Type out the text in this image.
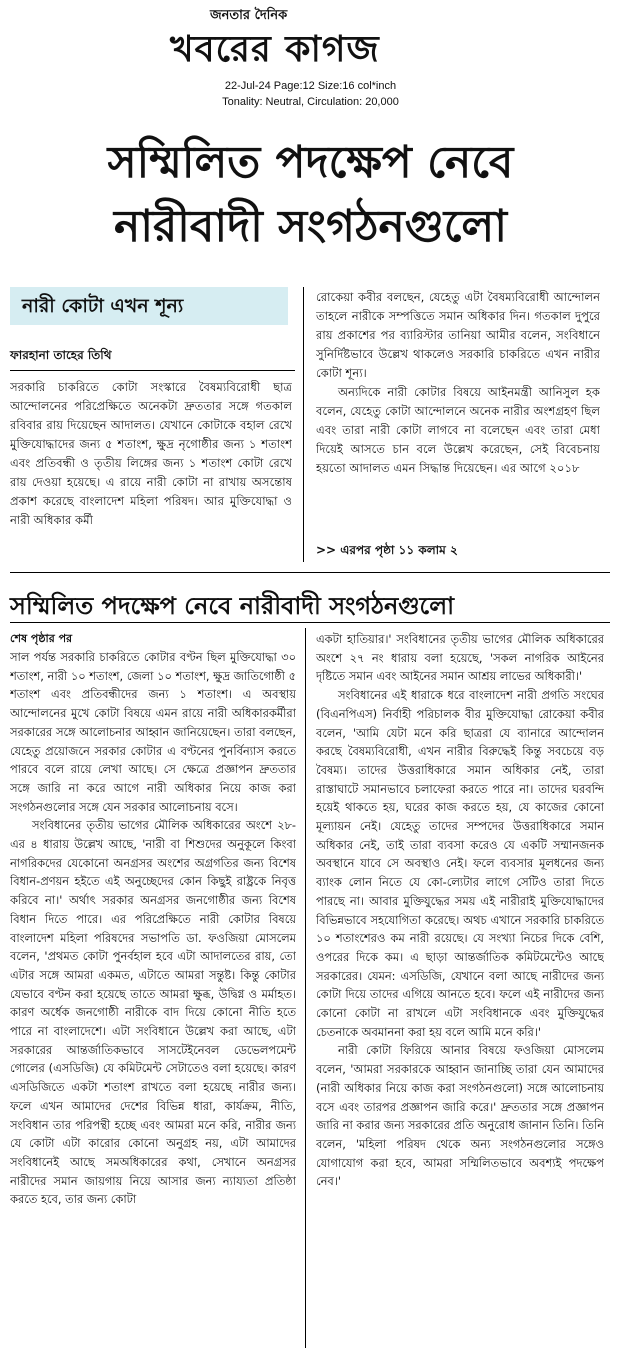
জনতার দৈনিক
খবরের কাগজ
22-Jul-24 Page:12 Size:16 col*inch
Tonality: Neutral, Circulation: 20,000
সম্মিলিত পদক্ষেপ নেবে
নারীবাদী সংগঠনগুলো
নারী কোটা এখন শূন্য
ফারহানা তাহের তিথি

সরকারি চাকরিতে কোটা সংস্কারে বৈষম্যবিরোধী ছাত্র আন্দোলনের পরিপ্রেক্ষিতে অনেকটা দ্রুততার সঙ্গে গতকাল রবিবার রায় দিয়েছেন আদালত। যেখানে কোটাকে বহাল রেখে মুক্তিযোদ্ধাদের জন্য ৫ শতাংশ, ক্ষুদ্র নৃগোষ্ঠীর জন্য ১ শতাংশ এবং প্রতিবন্ধী ও তৃতীয় লিঙ্গের জন্য ১ শতাংশ কোটা রেখে রায় দেওয়া হয়েছে। এ রায়ে নারী কোটা না রাখায় অসন্তোষ প্রকাশ করেছে বাংলাদেশ মহিলা পরিষদ। আর মুক্তিযোদ্ধা ও নারী অধিকার কর্মী

রোকেয়া কবীর বলছেন, যেহেতু এটা বৈষম্যবিরোধী আন্দোলন তাহলে নারীকে সম্পত্তিতে সমান অধিকার দিন। গতকাল দুপুরে রায় প্রকাশের পর ব্যারিস্টার তানিয়া আমীর বলেন, সংবিধানে সুনির্দিষ্টভাবে উল্লেখ থাকলেও সরকারি চাকরিতে এখন নারীর কোটা শূন্য।

অন্যদিকে নারী কোটার বিষয়ে আইনমন্ত্রী আনিসুল হক বলেন, যেহেতু কোটা আন্দোলনে অনেক নারীর অংশগ্রহণ ছিল এবং তারা নারী কোটা লাগবে না বলেছেন এবং তারা মেধা দিয়েই আসতে চান বলে উল্লেখ করেছেন, সেই বিবেচনায় হয়তো আদালত এমন সিদ্ধান্ত দিয়েছেন। এর আগে ২০১৮

>> এরপর পৃষ্ঠা ১১ কলাম ২
সম্মিলিত পদক্ষেপ নেবে নারীবাদী সংগঠনগুলো
শেষ পৃষ্ঠার পর

সাল পর্যন্ত সরকারি চাকরিতে কোটার বণ্টন ছিল মুক্তিযোদ্ধা ৩০ শতাংশ, নারী ১০ শতাংশ, জেলা ১০ শতাংশ, ক্ষুদ্র জাতিগোষ্ঠী ৫ শতাংশ এবং প্রতিবন্ধীদের জন্য ১ শতাংশ। এ অবস্থায় আন্দোলনের মুখে কোটা বিষয়ে এমন রায়ে নারী অধিকারকর্মীরা সরকারের সঙ্গে আলোচনার আহ্বান জানিয়েছেন। তারা বলছেন, যেহেতু প্রয়োজনে সরকার কোটার এ বণ্টনের পুনর্বিন্যাস করতে পারবে বলে রায়ে লেখা আছে। সে ক্ষেত্রে প্রজ্ঞাপন দ্রুততার সঙ্গে জারি না করে আগে নারী অধিকার নিয়ে কাজ করা সংগঠনগুলোর সঙ্গে যেন সরকার আলোচনায় বসে।

সংবিধানের তৃতীয় ভাগের মৌলিক অধিকারের অংশে ২৮-এর ৪ ধারায় উল্লেখ আছে, 'নারী বা শিশুদের অনুকূলে কিংবা নাগরিকদের যেকোনো অনগ্রসর অংশের অগ্রগতির জন্য বিশেষ বিধান-প্রণয়ন হইতে এই অনুচ্ছেদের কোন কিছুই রাষ্ট্রকে নিবৃত্ত করিবে না।' অর্থাৎ সরকার অনগ্রসর জনগোষ্ঠীর জন্য বিশেষ বিধান দিতে পারে। এর পরিপ্রেক্ষিতে নারী কোটার বিষয়ে বাংলাদেশ মহিলা পরিষদের সভাপতি ডা. ফওজিয়া মোসলেম বলেন, 'প্রথমত কোটা পুনর্বহাল হবে এটা আদালতের রায়, তো এটার সঙ্গে আমরা একমত, এটাতে আমরা সন্তুষ্ট। কিন্তু কোটার যেভাবে বণ্টন করা হয়েছে তাতে আমরা ক্ষুব্ধ, উদ্বিগ্ন ও মর্মাহত। কারণ অর্ধেক জনগোষ্ঠী নারীকে বাদ দিয়ে কোনো নীতি হতে পারে না বাংলাদেশে। এটা সংবিধানে উল্লেখ করা আছে, এটা সরকারের আন্তর্জাতিকভাবে সাসটেইনেবল ডেভেলপমেন্ট গোলের (এসডিজি) যে কমিটমেন্ট সেটাতেও বলা হয়েছে। কারণ এসডিজিতে একটা শতাংশ রাখতে বলা হয়েছে নারীর জন্য। ফলে এখন আমাদের দেশের বিভিন্ন ধারা, কার্যক্রম, নীতি, সংবিধান তার পরিপন্থী হচ্ছে এবং আমরা মনে করি, নারীর জন্য যে কোটা এটা কারোর কোনো অনুগ্রহ নয়, এটা আমাদের সংবিধানেই আছে সমঅধিকারের কথা, সেখানে অনগ্রসর নারীদের সমান জায়গায় নিয়ে আসার জন্য ন্যায্যতা প্রতিষ্ঠা করতে হবে, তার জন্য কোটা

একটা হাতিয়ার।' সংবিধানের তৃতীয় ভাগের মৌলিক অধিকারের অংশে ২৭ নং ধারায় বলা হয়েছে, 'সকল নাগরিক আইনের দৃষ্টিতে সমান এবং আইনের সমান আশ্রয় লাভের অধিকারী।'

সংবিধানের এই ধারাকে ধরে বাংলাদেশ নারী প্রগতি সংঘের (বিএনপিএস) নির্বাহী পরিচালক বীর মুক্তিযোদ্ধা রোকেয়া কবীর বলেন, 'আমি যেটা মনে করি ছাত্ররা যে ব্যানারে আন্দোলন করছে বৈষম্যবিরোধী, এখন নারীর বিরুদ্ধেই কিন্তু সবচেয়ে বড় বৈষম্য। তাদের উত্তরাধিকারে সমান অধিকার নেই, তারা রাস্তাঘাটে সমানভাবে চলাফেরা করতে পারে না। তাদের ঘরবন্দি হয়েই থাকতে হয়, ঘরের কাজ করতে হয়, যে কাজের কোনো মূল্যায়ন নেই। যেহেতু তাদের সম্পদের উত্তরাধিকারে সমান অধিকার নেই, তাই তারা ব্যবসা করেও যে একটি সম্মানজনক অবস্থানে যাবে সে অবস্থাও নেই। ফলে ব্যবসার মূলধনের জন্য ব্যাংক লোন নিতে যে কো-ল্যেটার লাগে সেটিও তারা দিতে পারছে না। আবার মুক্তিযুদ্ধের সময় এই নারীরাই মুক্তিযোদ্ধাদের বিভিন্নভাবে সহযোগিতা করেছে। অথচ এখানে সরকারি চাকরিতে ১০ শতাংশেরও কম নারী রয়েছে। যে সংখ্যা নিচের দিকে বেশি, ওপরের দিকে কম। এ ছাড়া আন্তর্জাতিক কমিটমেন্টেও আছে সরকারের। যেমন: এসডিজি, যেখানে বলা আছে নারীদের জন্য কোটা দিয়ে তাদের এগিয়ে আনতে হবে। ফলে এই নারীদের জন্য কোনো কোটা না রাখলে এটা সংবিধানকে এবং মুক্তিযুদ্ধের চেতনাকে অবমাননা করা হয় বলে আমি মনে করি।'

নারী কোটা ফিরিয়ে আনার বিষয়ে ফওজিয়া মোসলেম বলেন, 'আমরা সরকারকে আহ্বান জানাচ্ছি তারা যেন আমাদের (নারী অধিকার নিয়ে কাজ করা সংগঠনগুলো) সঙ্গে আলোচনায় বসে এবং তারপর প্রজ্ঞাপন জারি করে।' দ্রুততার সঙ্গে প্রজ্ঞাপন জারি না করার জন্য সরকারের প্রতি অনুরোধ জানান তিনি। তিনি বলেন, 'মহিলা পরিষদ থেকে অন্য সংগঠনগুলোর সঙ্গেও যোগাযোগ করা হবে, আমরা সম্মিলিতভাবে অবশ্যই পদক্ষেপ নেব।'
